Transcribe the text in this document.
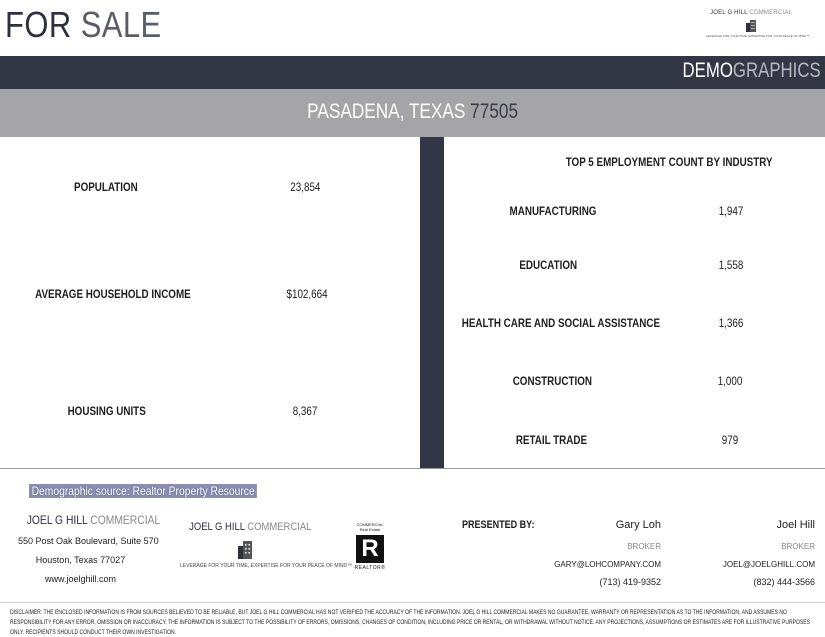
FOR SALE	JOEL G HILL COMMERCIAL
LEVERAGE FOR YOUR TIME, EXPERTISE FOR YOUR PEACE OF MIND™
DEMOGRAPHICS
PASADENA, TEXAS 77505
POPULATION	23,854
AVERAGE HOUSEHOLD INCOME	$102,664
HOUSING UNITS	8,367
TOP 5 EMPLOYMENT COUNT BY INDUSTRY
MANUFACTURING	1,947
EDUCATION	1,558
HEALTH CARE AND SOCIAL ASSISTANCE	1,366
CONSTRUCTION	1,000
RETAIL TRADE	979
Demographic source: Realtor Property Resource
JOEL G HILL COMMERCIAL
550 Post Oak Boulevard, Suite 570
Houston, Texas 77027
www.joelghill.com
JOEL G HILL COMMERCIAL
LEVERAGE FOR YOUR TIME, EXPERTISE FOR YOUR PEACE OF MIND™
COMMERCIAL
Real Estate
R
REALTOR®
PRESENTED BY:	Gary Loh
BROKER
GARY@LOHCOMPANY.COM
(713) 419-9352
Joel Hill
BROKER
JOEL@JOELGHILL.COM
(832) 444-3566
DISCLAIMER: THE ENCLOSED INFORMATION IS FROM SOURCES BELIEVED TO BE RELIABLE, BUT JOEL G HILL COMMERCIAL HAS NOT VERIFIED THE ACCURACY OF THE INFORMATION. JOEL G HILL COMMERCIAL MAKES NO GUARANTEE, WARRANTY OR REPRESENTATION AS TO THE INFORMATION, AND ASSUMES NO RESPONSIBILITY FOR ANY ERROR, OMISSION OR INACCURACY. THE INFORMATION IS SUBJECT TO THE POSSIBILITY OF ERRORS, OMISSIONS, CHANGES OF CONDITION, INCLUDING PRICE OR RENTAL, OR WITHDRAWAL WITHOUT NOTICE. ANY PROJECTIONS, ASSUMPTIONS OR ESTIMATES ARE FOR ILLUSTRATIVE PURPOSES ONLY. RECIPIENTS SHOULD CONDUCT THEIR OWN INVESTIGATION.
